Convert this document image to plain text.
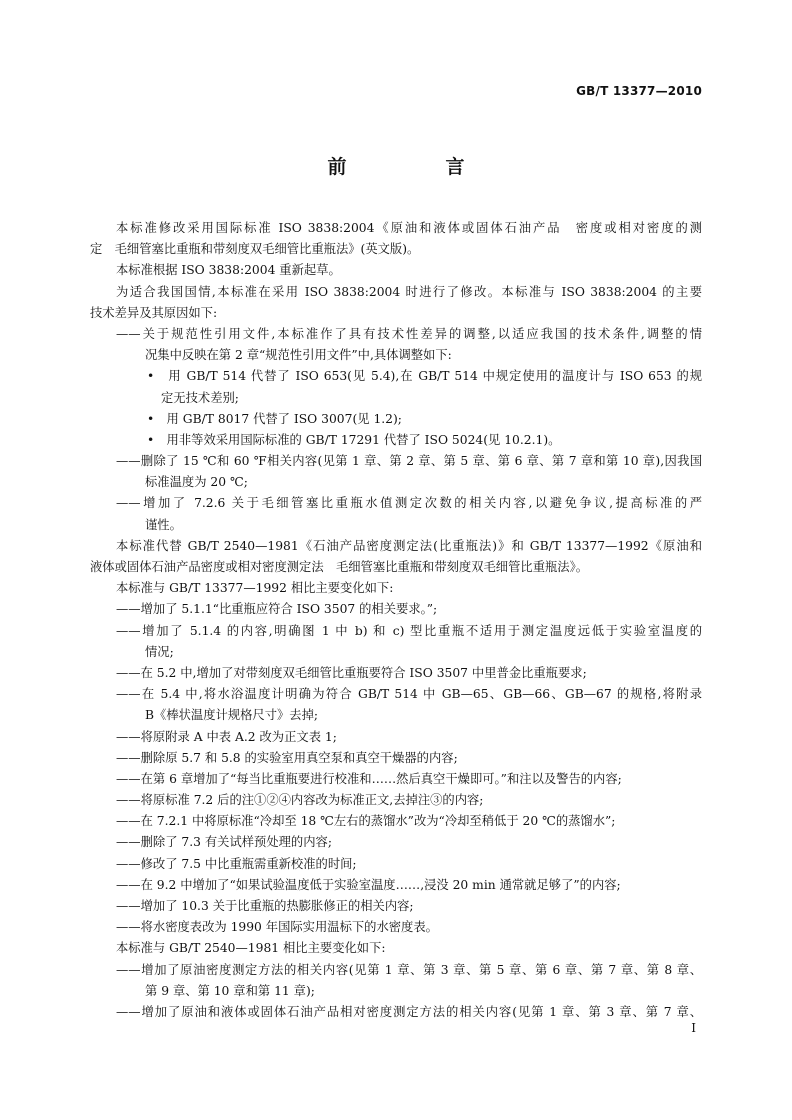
GB/T 13377—2010
前　言
本标准修改采用国际标准 ISO 3838:2004《原油和液体或固体石油产品　密度或相对密度的测
定　毛细管塞比重瓶和带刻度双毛细管比重瓶法》(英文版)。
本标准根据 ISO 3838:2004 重新起草。
为适合我国国情,本标准在采用 ISO 3838:2004 时进行了修改。本标准与 ISO 3838:2004 的主要
技术差异及其原因如下:
——关于规范性引用文件,本标准作了具有技术性差异的调整,以适应我国的技术条件,调整的情
况集中反映在第 2 章“规范性引用文件”中,具体调整如下:
•　用 GB/T 514 代替了 ISO 653(见 5.4),在 GB/T 514 中规定使用的温度计与 ISO 653 的规
定无技术差别;
•　用 GB/T 8017 代替了 ISO 3007(见 1.2);
•　用非等效采用国际标准的 GB/T 17291 代替了 ISO 5024(见 10.2.1)。
——删除了 15 ℃和 60 ℉相关内容(见第 1 章、第 2 章、第 5 章、第 6 章、第 7 章和第 10 章),因我国
标准温度为 20 ℃;
——增加了 7.2.6 关于毛细管塞比重瓶水值测定次数的相关内容,以避免争议,提高标准的严
谨性。
本标准代替 GB/T 2540—1981《石油产品密度测定法(比重瓶法)》和 GB/T 13377—1992《原油和
液体或固体石油产品密度或相对密度测定法　毛细管塞比重瓶和带刻度双毛细管比重瓶法》。
本标准与 GB/T 13377—1992 相比主要变化如下:
——增加了 5.1.1“比重瓶应符合 ISO 3507 的相关要求。”;
——增加了 5.1.4 的内容,明确图 1 中 b) 和 c) 型比重瓶不适用于测定温度远低于实验室温度的
情况;
——在 5.2 中,增加了对带刻度双毛细管比重瓶要符合 ISO 3507 中里普金比重瓶要求;
——在 5.4 中,将水浴温度计明确为符合 GB/T 514 中 GB—65、GB—66、GB—67 的规格,将附录
B《棒状温度计规格尺寸》去掉;
——将原附录 A 中表 A.2 改为正文表 1;
——删除原 5.7 和 5.8 的实验室用真空泵和真空干燥器的内容;
——在第 6 章增加了“每当比重瓶要进行校准和……然后真空干燥即可。”和注以及警告的内容;
——将原标准 7.2 后的注①②④内容改为标准正文,去掉注③的内容;
——在 7.2.1 中将原标准“冷却至 18 ℃左右的蒸馏水”改为“冷却至稍低于 20 ℃的蒸馏水”;
——删除了 7.3 有关试样预处理的内容;
——修改了 7.5 中比重瓶需重新校准的时间;
——在 9.2 中增加了“如果试验温度低于实验室温度……,浸没 20 min 通常就足够了”的内容;
——增加了 10.3 关于比重瓶的热膨胀修正的相关内容;
——将水密度表改为 1990 年国际实用温标下的水密度表。
本标准与 GB/T 2540—1981 相比主要变化如下:
——增加了原油密度测定方法的相关内容(见第 1 章、第 3 章、第 5 章、第 6 章、第 7 章、第 8 章、
第 9 章、第 10 章和第 11 章);
——增加了原油和液体或固体石油产品相对密度测定方法的相关内容(见第 1 章、第 3 章、第 7 章、
I
